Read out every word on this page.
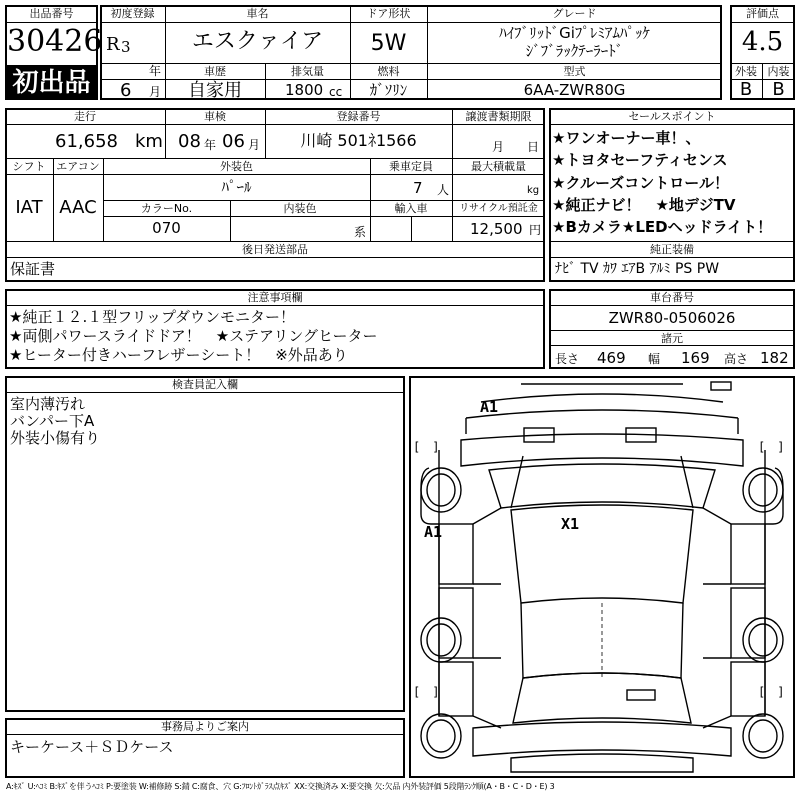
出品番号
30426
初出品
初度登録
R 3
年
6 月
車名
エスクァイア
ドア形状
5W
グレード
ﾊｲﾌﾞﾘｯﾄﾞGiﾌﾟﾚﾐｱﾑﾊﾟｯｹ
ｼﾞﾌﾞﾗｯｸﾃｰﾗｰﾄﾞ
車歴
自家用
排気量
1800 cc
燃料
ｶﾞｿﾘﾝ
型式
6AA-ZWR80G
評価点
4.5
外装 内装
B	B
走行
61,658 km
車検
08 年 06 月
登録番号
川崎 501ﾈ1566
譲渡書類期限
月 日
シフト
IAT
エアコン
AAC
外装色
ﾊﾟｰﾙ
乗車定員
7 人
最大積載量
kg
カラーNo.
070
内装色
系
輸入車	リサイクル預託金
12,500 円
後日発送部品
保証書
セールスポイント
★ワンオーナー車！、
★トヨタセーフティセンス
★クルーズコントロール！
★純正ナビ！　★地デジTV
★Bカメラ★LEDヘッドライト！
純正装備
ﾅﾋﾞ TV ｶﾜ ｴｱB ｱﾙﾐ PS PW
注意事項欄
★純正１２.１型フリップダウンモニター！
★両側パワースライドドア！　★ステアリングヒーター
★ヒーター付きハーフレザーシート！　※外品あり
車台番号
ZWR80-0506026
諸元
長さ 469 幅 169 高さ 182
検査員記入欄
室内薄汚れ
バンパー下A
外装小傷有り
事務局よりご案内
キーケース＋ＳＤケース
A1
A1	X1
[　]	[　]
[　]	[　]
A:ｷｽﾞ U:ﾍｺﾐ B:ｷｽﾞを伴うﾍｺﾐ P:要塗装 W:補修跡 S:錆 C:腐食、穴 G:ﾌﾛﾝﾄｶﾞﾗｽ点ｷｽﾞ XX:交換済み X:要交換 欠:欠品 内外装評価 5段階ﾗﾝｸ順(A・B・C・D・E) 3
